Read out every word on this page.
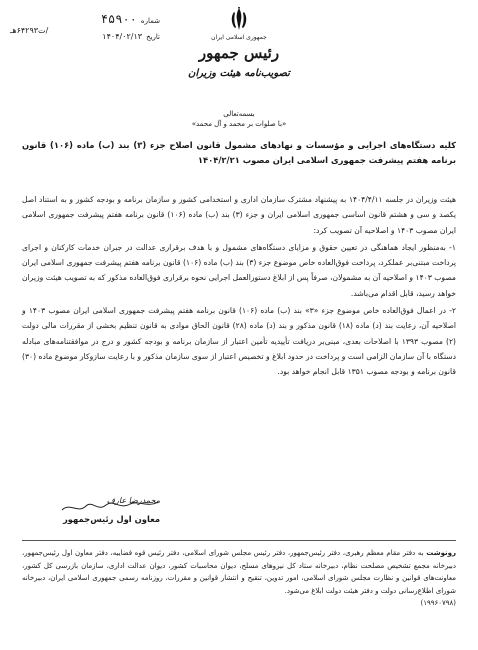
شماره
۴۵۹۰۰
تاریخ
۱۴۰۴/۰۲/۱۳
/ت۶۴۲۹۳هـ
جمهوری اسلامی ایران
رئیس جمهور
تصویب‌نامه هیئت وزیران
بسمه‌تعالی
«با صلوات بر محمد و آل محمد»
کلیه دستگاه‌های اجرایی و مؤسسات و نهادهای مشمول قانون اصلاح جزء (۳) بند (ب) ماده (۱۰۶) قانون برنامه هفتم پیشرفت جمهوری اسلامی ایران مصوب ۱۴۰۴/۲/۲۱

هیئت وزیران در جلسه ۱۴۰۴/۴/۱۱ به پیشنهاد مشترک سازمان اداری و استخدامی کشور و سازمان برنامه و بودجه کشور و به استناد اصل یکصد و سی و هشتم قانون اساسی جمهوری اسلامی ایران و جزء (۳) بند (ب) ماده (۱۰۶) قانون برنامه هفتم پیشرفت جمهوری اسلامی ایران مصوب ۱۴۰۳ و اصلاحیه آن تصویب کرد:

۱- به‌منظور ایجاد هماهنگی در تعیین حقوق و مزایای دستگاه‌های مشمول و با هدف برقراری عدالت در جبران خدمات کارکنان و اجرای پرداخت مبتنی‌بر عملکرد، پرداخت فوق‌العاده خاص موضوع جزء (۳) بند (ب) ماده (۱۰۶) قانون برنامه هفتم پیشرفت جمهوری اسلامی ایران مصوب ۱۴۰۳ و اصلاحیه آن به مشمولان، صرفاً پس از ابلاغ دستورالعمل اجرایی نحوه برقراری فوق‌العاده مذکور که به تصویب هیئت وزیران خواهد رسید، قابل اقدام می‌باشد.

۲- در اعمال فوق‌العاده خاص موضوع جزء «۳» بند (ب) ماده (۱۰۶) قانون برنامه هفتم پیشرفت جمهوری اسلامی ایران مصوب ۱۴۰۳ و اصلاحیه آن، رعایت بند (د) ماده (۱۸) قانون مذکور و بند (د) ماده (۲۸) قانون الحاق موادی به قانون تنظیم بخشی از مقررات مالی دولت (۲) مصوب ۱۳۹۳ با اصلاحات بعدی، مبنی‌بر دریافت تأییدیه تأمین اعتبار از سازمان برنامه و بودجه کشور و درج در موافقتنامه‌های مبادله دستگاه با آن سازمان الزامی است و پرداخت در حدود ابلاغ و تخصیص اعتبار از سوی سازمان مذکور و با رعایت سازوکار موضوع ماده (۳۰) قانون برنامه و بودجه مصوب ۱۳۵۱ قابل انجام خواهد بود.

محمدرضا عارف
معاون اول رئیس‌جمهور
رونوشت به دفتر مقام معظم رهبری، دفتر رئیس‌جمهور، دفتر رئیس مجلس شورای اسلامی، دفتر رئیس قوه قضاییه، دفتر معاون اول رئیس‌جمهور، دبیرخانه مجمع تشخیص مصلحت نظام، دبیرخانه ستاد کل نیروهای مسلح، دیوان محاسبات کشور، دیوان عدالت اداری، سازمان بازرسی کل کشور، معاونت‌های قوانین و نظارت مجلس شورای اسلامی، امور تدوین، تنقیح و انتشار قوانین و مقررات، روزنامه رسمی جمهوری اسلامی ایران، دبیرخانه شورای اطلاع‌رسانی دولت و دفتر هیئت دولت ابلاغ می‌شود.
(۱۹۹۶۰۷۹۸)
